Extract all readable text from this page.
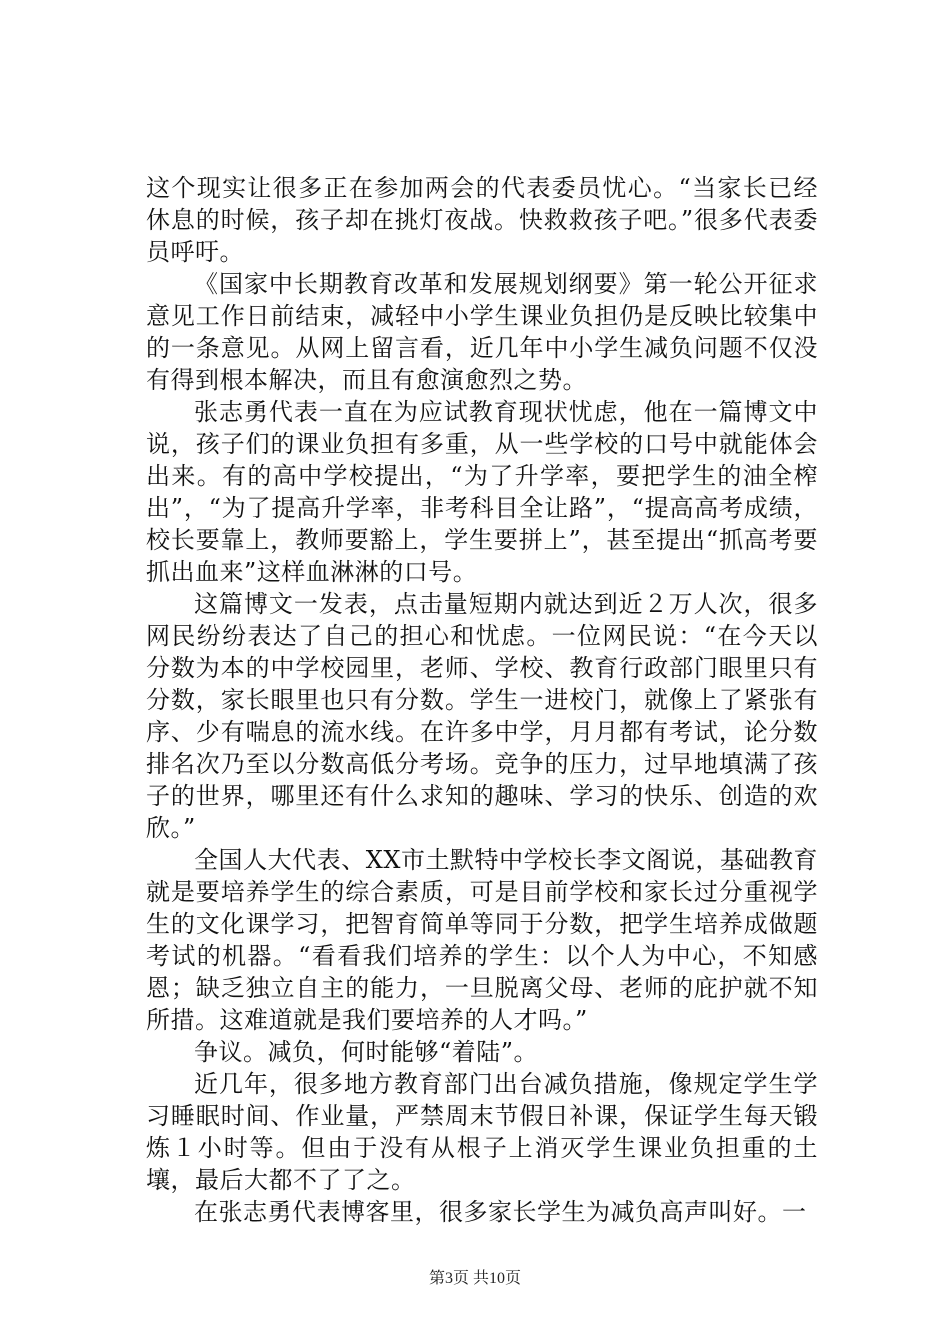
这个现实让很多正在参加两会的代表委员忧心。“当家长已经休息的时候，孩子却在挑灯夜战。快救救孩子吧。”很多代表委员呼吁。

《国家中长期教育改革和发展规划纲要》第一轮公开征求意见工作日前结束，减轻中小学生课业负担仍是反映比较集中的一条意见。从网上留言看，近几年中小学生减负问题不仅没有得到根本解决，而且有愈演愈烈之势。

张志勇代表一直在为应试教育现状忧虑，他在一篇博文中说，孩子们的课业负担有多重，从一些学校的口号中就能体会出来。有的高中学校提出，“为了升学率，要把学生的油全榨出”，“为了提高升学率，非考科目全让路”，“提高高考成绩，校长要靠上，教师要豁上，学生要拼上”，甚至提出“抓高考要抓出血来”这样血淋淋的口号。

这篇博文一发表，点击量短期内就达到近２万人次，很多网民纷纷表达了自己的担心和忧虑。一位网民说：“在今天以分数为本的中学校园里，老师、学校、教育行政部门眼里只有分数，家长眼里也只有分数。学生一进校门，就像上了紧张有序、少有喘息的流水线。在许多中学，月月都有考试，论分数排名次乃至以分数高低分考场。竞争的压力，过早地填满了孩子的世界，哪里还有什么求知的趣味、学习的快乐、创造的欢欣。”

全国人大代表、XX市土默特中学校长李文阁说，基础教育就是要培养学生的综合素质，可是目前学校和家长过分重视学生的文化课学习，把智育简单等同于分数，把学生培养成做题考试的机器。“看看我们培养的学生：以个人为中心，不知感恩；缺乏独立自主的能力，一旦脱离父母、老师的庇护就不知所措。这难道就是我们要培养的人才吗。”

争议。减负，何时能够“着陆”。

近几年，很多地方教育部门出台减负措施，像规定学生学习睡眠时间、作业量，严禁周末节假日补课，保证学生每天锻炼１小时等。但由于没有从根子上消灭学生课业负担重的土壤，最后大都不了了之。

在张志勇代表博客里，很多家长学生为减负高声叫好。一

第3页 共10页
